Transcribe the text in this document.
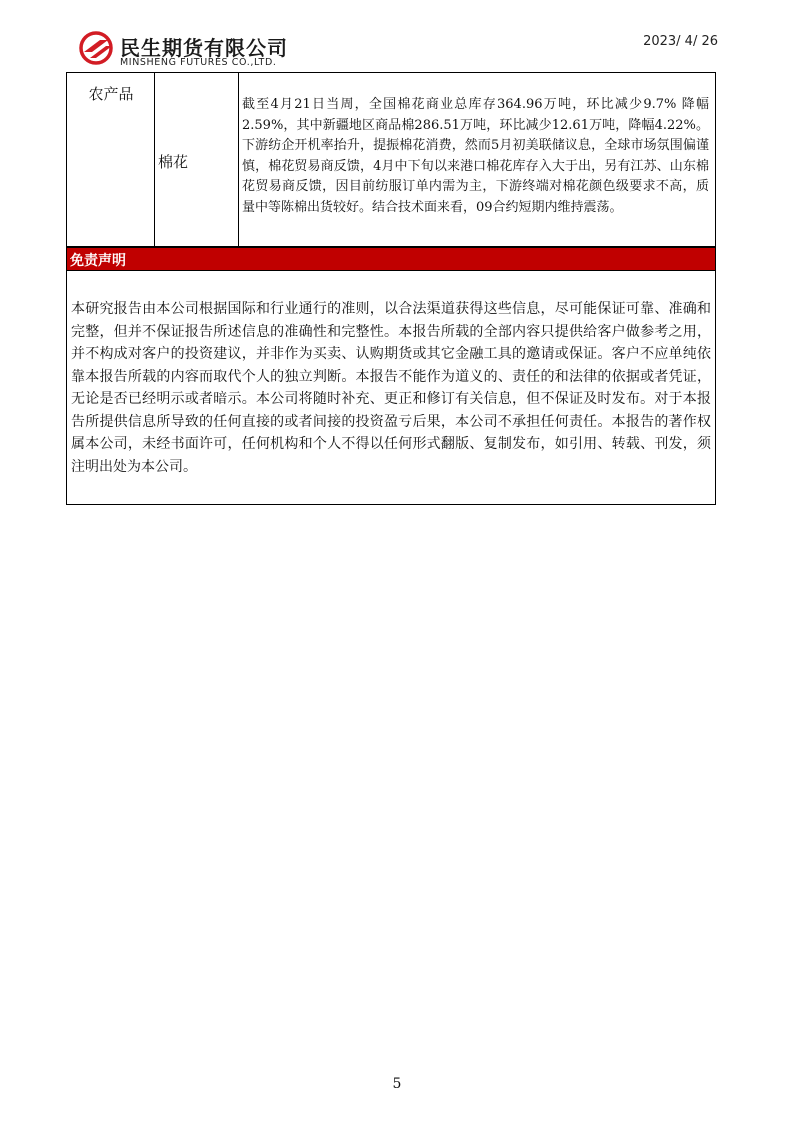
民生期货有限公司
MINSHENG FUTURES CO.,LTD.
2023/ 4/ 26
农产品
棉花
截至4月21日当周，全国棉花商业总库存364.96万吨，环比减少9.7% 降幅2.59%，其中新疆地区商品棉286.51万吨，环比减少12.61万吨，降幅4.22%。下游纺企开机率抬升，提振棉花消费，然而5月初美联储议息，全球市场氛围偏谨慎，棉花贸易商反馈，4月中下旬以来港口棉花库存入大于出，另有江苏、山东棉花贸易商反馈，因目前纺服订单内需为主，下游终端对棉花颜色级要求不高，质量中等陈棉出货较好。结合技术面来看，09合约短期内维持震荡。
免责声明
本研究报告由本公司根据国际和行业通行的准则，以合法渠道获得这些信息，尽可能保证可靠、准确和完整，但并不保证报告所述信息的准确性和完整性。本报告所载的全部内容只提供给客户做参考之用，并不构成对客户的投资建议，并非作为买卖、认购期货或其它金融工具的邀请或保证。客户不应单纯依靠本报告所载的内容而取代个人的独立判断。本报告不能作为道义的、责任的和法律的依据或者凭证，无论是否已经明示或者暗示。本公司将随时补充、更正和修订有关信息，但不保证及时发布。对于本报告所提供信息所导致的任何直接的或者间接的投资盈亏后果，本公司不承担任何责任。本报告的著作权属本公司，未经书面许可，任何机构和个人不得以任何形式翻版、复制发布，如引用、转载、刊发，须注明出处为本公司。
5
